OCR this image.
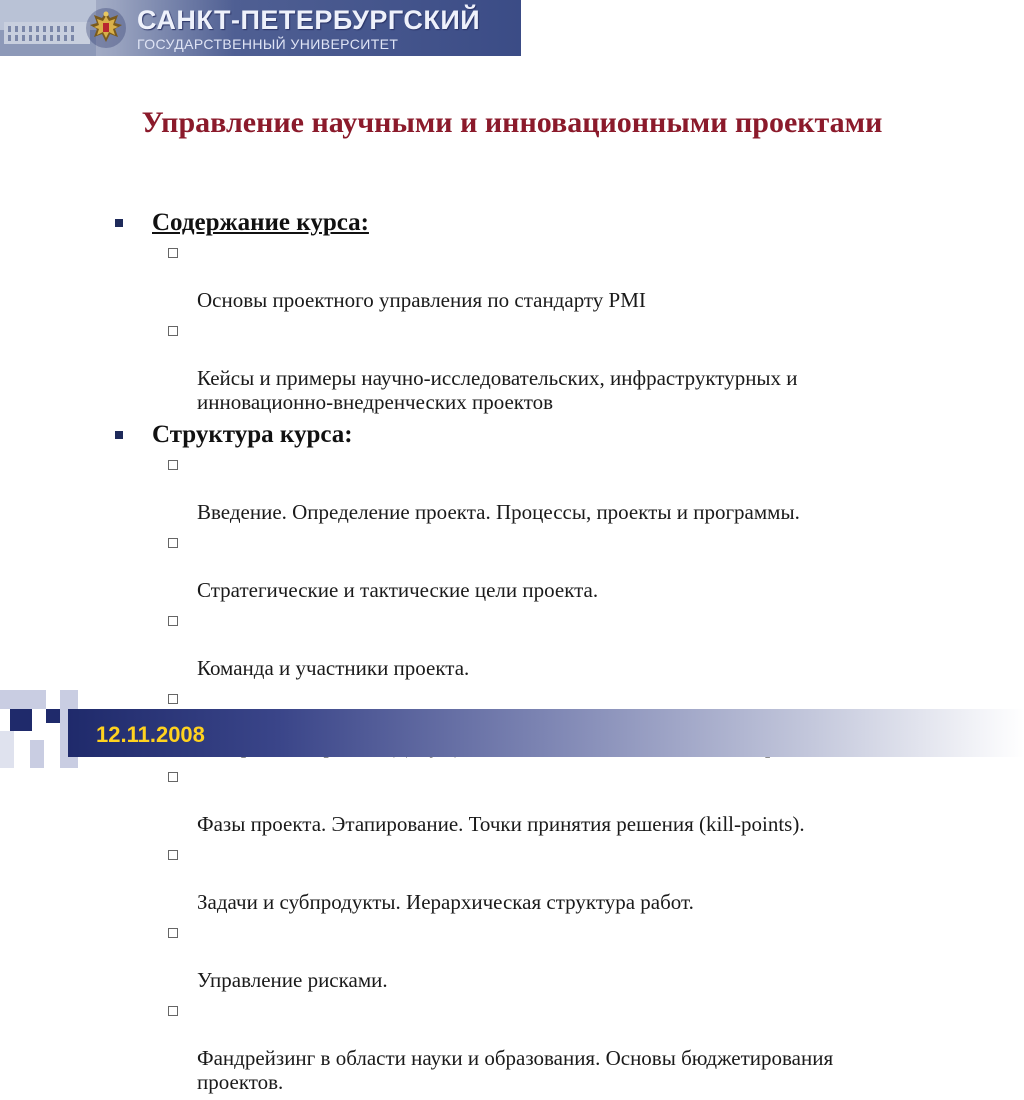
САНКТ-ПЕТЕРБУРГСКИЙ
ГОСУДАРСТВЕННЫЙ УНИВЕРСИТЕТ
Управление научными и инновационными проектами
Содержание курса:

Основы проектного управления по стандарту PMI

Кейсы и примеры научно-исследовательских, инфраструктурных и
инновационно-внедренческих проектов

Структура курса:

Введение. Определение проекта. Процессы, проекты и программы.

Стратегические и тактические цели проекта.

Команда и участники проекта.

Фазы проекта. Этапирование. Точки принятия решения (kill-points).

Задачи и субпродукты. Иерархическая структура работ.

Управление рисками.

Фандрейзинг в области науки и образования. Основы бюджетирования
проектов.

12.11.2008
